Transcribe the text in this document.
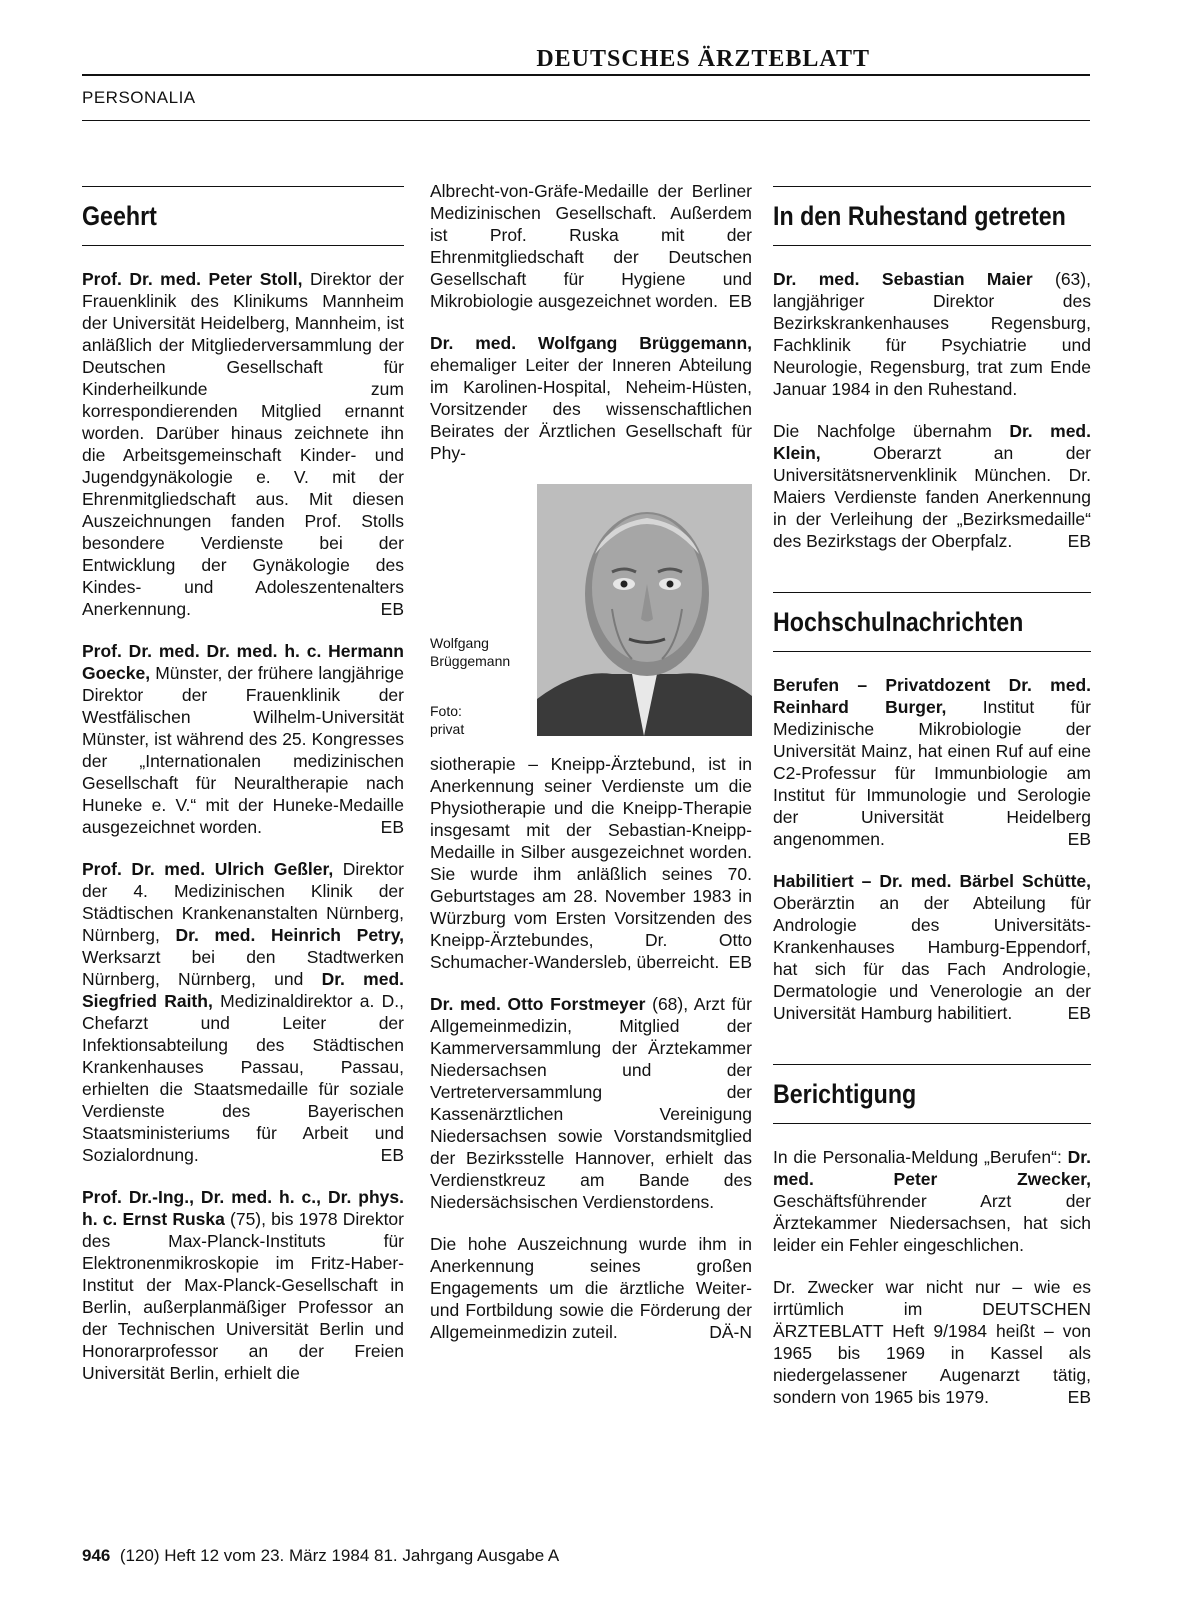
DEUTSCHES ÄRZTEBLATT
PERSONALIA
Geehrt

Prof. Dr. med. Peter Stoll, Direktor der Frauenklinik des Klinikums Mannheim der Universität Heidelberg, Mannheim, ist anläßlich der Mitgliederversammlung der Deutschen Gesellschaft für Kinderheilkunde zum korrespondierenden Mitglied ernannt worden. Darüber hinaus zeichnete ihn die Arbeitsgemeinschaft Kinder- und Jugendgynäkologie e. V. mit der Ehrenmitgliedschaft aus. Mit diesen Auszeichnungen fanden Prof. Stolls besondere Verdienste bei der Entwicklung der Gynäkologie des Kindes- und Adoleszentenalters Anerkennung.	EB

Prof. Dr. med. Dr. med. h. c. Hermann Goecke, Münster, der frühere langjährige Direktor der Frauenklinik der Westfälischen Wilhelm-Universität Münster, ist während des 25. Kongresses der „Internationalen medizinischen Gesellschaft für Neuraltherapie nach Huneke e. V.“ mit der Huneke-Medaille ausgezeichnet worden.	EB

Prof. Dr. med. Ulrich Geßler, Direktor der 4. Medizinischen Klinik der Städtischen Krankenanstalten Nürnberg, Nürnberg, Dr. med. Heinrich Petry, Werksarzt bei den Stadtwerken Nürnberg, Nürnberg, und Dr. med. Siegfried Raith, Medizinaldirektor a. D., Chefarzt und Leiter der Infektionsabteilung des Städtischen Krankenhauses Passau, Passau, erhielten die Staatsmedaille für soziale Verdienste des Bayerischen Staatsministeriums für Arbeit und Sozialordnung.	EB

Prof. Dr.-Ing., Dr. med. h. c., Dr. phys. h. c. Ernst Ruska (75), bis 1978 Direktor des Max-Planck-Instituts für Elektronenmikroskopie im Fritz-Haber-Institut der Max-Planck-Gesellschaft in Berlin, außerplanmäßiger Professor an der Technischen Universität Berlin und Honorarprofessor an der Freien Universität Berlin, erhielt die

Albrecht-von-Gräfe-Medaille der Berliner Medizinischen Gesellschaft. Außerdem ist Prof. Ruska mit der Ehrenmitgliedschaft der Deutschen Gesellschaft für Hygiene und Mikrobiologie ausgezeichnet worden. EB

Dr. med. Wolfgang Brüggemann, ehemaliger Leiter der Inneren Abteilung im Karolinen-Hospital, Neheim-Hüsten, Vorsitzender des wissenschaftlichen Beirates der Ärztlichen Gesellschaft für Phy-

Wolfgang
Brüggemann
Foto:
privat

siotherapie – Kneipp-Ärztebund, ist in Anerkennung seiner Verdienste um die Physiotherapie und die Kneipp-Therapie insgesamt mit der Sebastian-Kneipp-Medaille in Silber ausgezeichnet worden. Sie wurde ihm anläßlich seines 70. Geburtstages am 28. November 1983 in Würzburg vom Ersten Vorsitzenden des Kneipp-Ärztebundes, Dr. Otto Schumacher-Wandersleb, überreicht. EB

Dr. med. Otto Forstmeyer (68), Arzt für Allgemeinmedizin, Mitglied der Kammerversammlung der Ärztekammer Niedersachsen und der Vertreterversammlung der Kassenärztlichen Vereinigung Niedersachsen sowie Vorstandsmitglied der Bezirksstelle Hannover, erhielt das Verdienstkreuz am Bande des Niedersächsischen Verdienstordens.

Die hohe Auszeichnung wurde ihm in Anerkennung seines großen Engagements um die ärztliche Weiter- und Fortbildung sowie die Förderung der Allgemeinmedizin zuteil.	DÄ-N

In den Ruhestand getreten

Dr. med. Sebastian Maier (63), langjähriger Direktor des Bezirkskrankenhauses Regensburg, Fachklinik für Psychiatrie und Neurologie, Regensburg, trat zum Ende Januar 1984 in den Ruhestand.

Die Nachfolge übernahm Dr. med. Klein, Oberarzt an der Universitätsnervenklinik München. Dr. Maiers Verdienste fanden Anerkennung in der Verleihung der „Bezirksmedaille“ des Bezirkstags der Oberpfalz.	EB

Hochschulnachrichten

Berufen – Privatdozent Dr. med. Reinhard Burger, Institut für Medizinische Mikrobiologie der Universität Mainz, hat einen Ruf auf eine C2-Professur für Immunbiologie am Institut für Immunologie und Serologie der Universität Heidelberg angenommen.	EB

Habilitiert – Dr. med. Bärbel Schütte, Oberärztin an der Abteilung für Andrologie des Universitäts-Krankenhauses Hamburg-Eppendorf, hat sich für das Fach Andrologie, Dermatologie und Venerologie an der Universität Hamburg habilitiert.	EB

Berichtigung

In die Personalia-Meldung „Berufen“: Dr. med. Peter Zwecker, Geschäftsführender Arzt der Ärztekammer Niedersachsen, hat sich leider ein Fehler eingeschlichen.

Dr. Zwecker war nicht nur – wie es irrtümlich im DEUTSCHEN ÄRZTEBLATT Heft 9/1984 heißt – von 1965 bis 1969 in Kassel als niedergelassener Augenarzt tätig, sondern von 1965 bis 1979.	EB

946 (120) Heft 12 vom 23. März 1984 81. Jahrgang Ausgabe A
